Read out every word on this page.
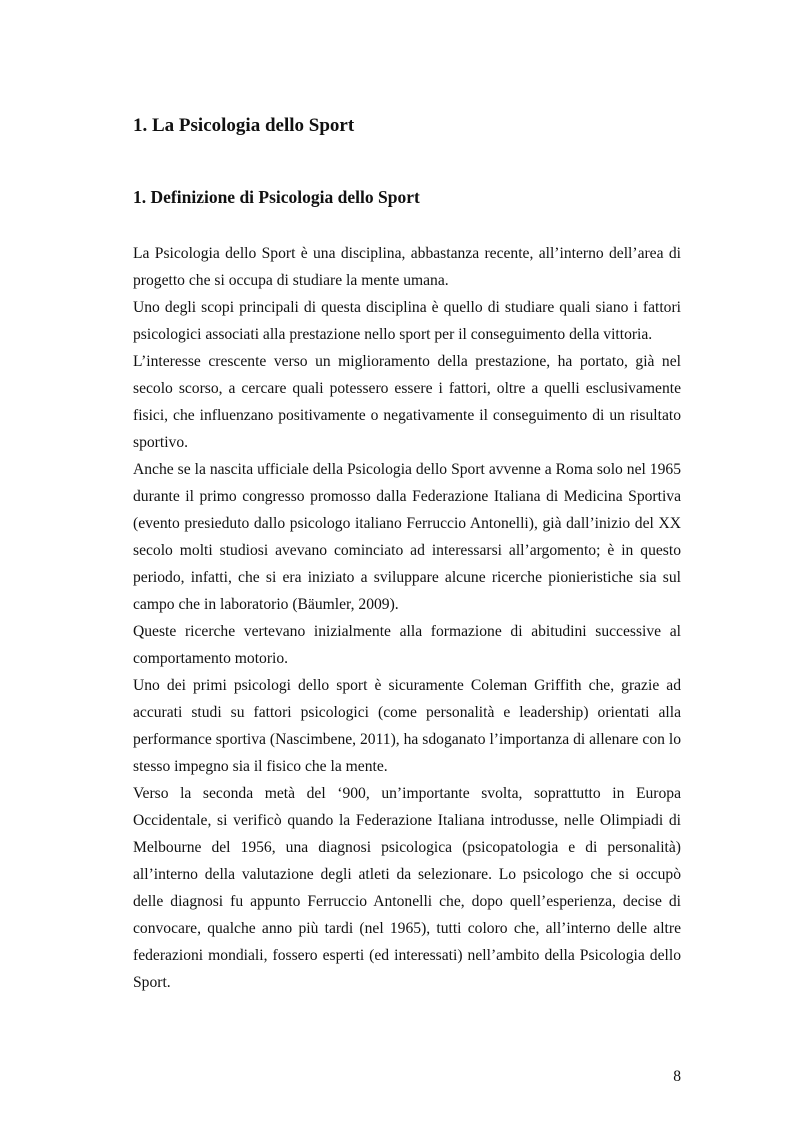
1. La Psicologia dello Sport
1. Definizione di Psicologia dello Sport

La Psicologia dello Sport è una disciplina, abbastanza recente, all’interno dell’area di progetto che si occupa di studiare la mente umana.

Uno degli scopi principali di questa disciplina è quello di studiare quali siano i fattori psicologici associati alla prestazione nello sport per il conseguimento della vittoria.

L’interesse crescente verso un miglioramento della prestazione, ha portato, già nel secolo scorso, a cercare quali potessero essere i fattori, oltre a quelli esclusivamente fisici, che influenzano positivamente o negativamente il conseguimento di un risultato sportivo.

Anche se la nascita ufficiale della Psicologia dello Sport avvenne a Roma solo nel 1965 durante il primo congresso promosso dalla Federazione Italiana di Medicina Sportiva (evento presieduto dallo psicologo italiano Ferruccio Antonelli), già dall’inizio del XX secolo molti studiosi avevano cominciato ad interessarsi all’argomento; è in questo periodo, infatti, che si era iniziato a sviluppare alcune ricerche pionieristiche sia sul campo che in laboratorio (Bäumler, 2009).

Queste ricerche vertevano inizialmente alla formazione di abitudini successive al comportamento motorio.

Uno dei primi psicologi dello sport è sicuramente Coleman Griffith che, grazie ad accurati studi su fattori psicologici (come personalità e leadership) orientati alla performance sportiva (Nascimbene, 2011), ha sdoganato l’importanza di allenare con lo stesso impegno sia il fisico che la mente.

Verso la seconda metà del ‘900, un’importante svolta, soprattutto in Europa Occidentale, si verificò quando la Federazione Italiana introdusse, nelle Olimpiadi di Melbourne del 1956, una diagnosi psicologica (psicopatologia e di personalità) all’interno della valutazione degli atleti da selezionare. Lo psicologo che si occupò delle diagnosi fu appunto Ferruccio Antonelli che, dopo quell’esperienza, decise di convocare, qualche anno più tardi (nel 1965), tutti coloro che, all’interno delle altre federazioni mondiali, fossero esperti (ed interessati) nell’ambito della Psicologia dello Sport.

8
